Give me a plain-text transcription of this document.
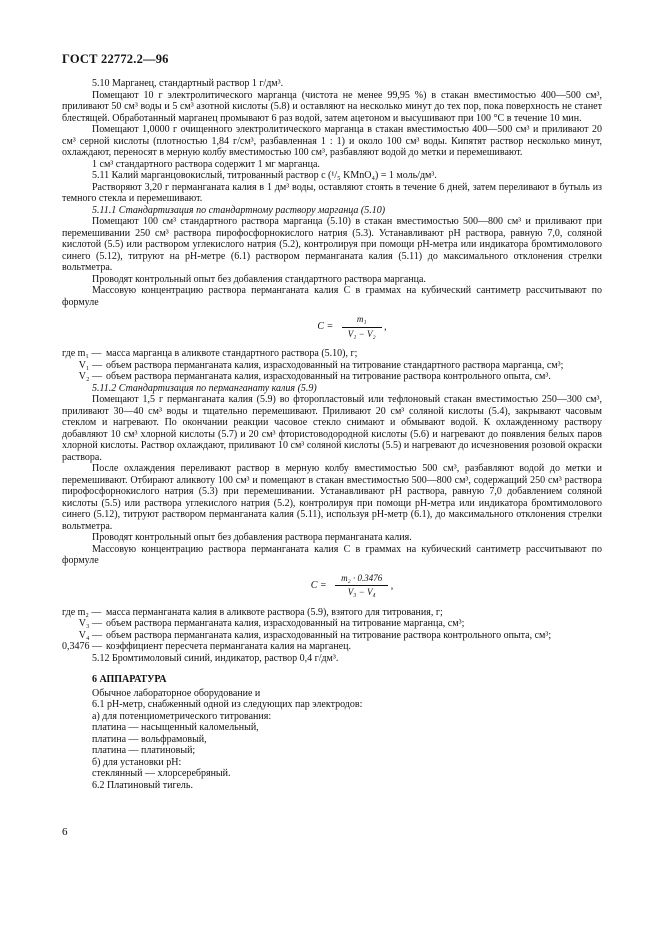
ГОСТ 22772.2—96

5.10 Марганец, стандартный раствор 1 г/дм³.

Помещают 10 г электролитического марганца (чистота не менее 99,95 %) в стакан вместимостью 400—500 см³, приливают 50 см³ воды и 5 см³ азотной кислоты (5.8) и оставляют на несколько минут до тех пор, пока поверхность не станет блестящей. Обработанный марганец промывают 6 раз водой, затем ацетоном и высушивают при 100 °С в течение 10 мин.

Помещают 1,0000 г очищенного электролитического марганца в стакан вместимостью 400—500 см³ и приливают 20 см³ серной кислоты (плотностью 1,84 г/см³, разбавленная 1 : 1) и около 100 см³ воды. Кипятят раствор несколько минут, охлаждают, переносят в мерную колбу вместимостью 100 см³, разбавляют водой до метки и перемешивают.

1 см³ стандартного раствора содержит 1 мг марганца.

5.11 Калий марганцовокислый, титрованный раствор c (¹/₅ KMnO₄) = 1 моль/дм³.

Растворяют 3,20 г перманганата калия в 1 дм³ воды, оставляют стоять в течение 6 дней, затем переливают в бутыль из темного стекла и перемешивают.

5.11.1 Стандартизация по стандартному раствору марганца (5.10)

Помещают 100 см³ стандартного раствора марганца (5.10) в стакан вместимостью 500—800 см³ и приливают при перемешивании 250 см³ раствора пирофосфорнокислого натрия (5.3). Устанавливают pH раствора, равную 7,0, соляной кислотой (5.5) или раствором углекислого натрия (5.2), контролируя при помощи pH-метра или индикатора бромтимолового синего (5.12), титруют на pH-метре (6.1) раствором перманганата калия (5.11) до максимального отклонения стрелки вольтметра.

Проводят контрольный опыт без добавления стандартного раствора марганца.

Массовую концентрацию раствора перманганата калия C в граммах на кубический сантиметр рассчитывают по формуле

$C = \frac{\text{m₁}}{\text{V₁ − V₂}}$ ,
где m₁ — масса марганца в аликвоте стандартного раствора (5.10), г;
V₁ — объем раствора перманганата калия, израсходованный на титрование стандартного раствора марганца, см³;
V₂ — объем раствора перманганата калия, израсходованный на титрование раствора контрольного опыта, см³.

5.11.2 Стандартизация по перманганату калия (5.9)

Помещают 1,5 г перманганата калия (5.9) во фторопластовый или тефлоновый стакан вместимостью 250—300 см³, приливают 30—40 см³ воды и тщательно перемешивают. Приливают 20 см³ соляной кислоты (5.4), закрывают часовым стеклом и нагревают. По окончании реакции часовое стекло снимают и обмывают водой. К охлажденному раствору добавляют 10 см³ хлорной кислоты (5.7) и 20 см³ фтористоводородной кислоты (5.6) и нагревают до появления белых паров хлорной кислоты. Раствор охлаждают, приливают 10 см³ соляной кислоты (5.5) и нагревают до исчезновения розовой окраски раствора.

После охлаждения переливают раствор в мерную колбу вместимостью 500 см³, разбавляют водой до метки и перемешивают. Отбирают аликвоту 100 см³ и помещают в стакан вместимостью 500—800 см³, содержащий 250 см³ раствора пирофосфорнокислого натрия (5.3) при перемешивании. Устанавливают pH раствора, равную 7,0 добавлением соляной кислоты (5.5) или раствора углекислого натрия (5.2), контролируя при помощи pH-метра или индикатора бромтимолового синего (5.12), титруют раствором перманганата калия (5.11), используя pH-метр (6.1), до максимального отклонения стрелки вольтметра.

Проводят контрольный опыт без добавления раствора перманганата калия.

Массовую концентрацию раствора перманганата калия C в граммах на кубический сантиметр рассчитывают по формуле

$C = \frac{\text{m₂ · 0.3476}}{\text{V₃ − V₄}}$ ,
где m₂ — масса перманганата калия в аликвоте раствора (5.9), взятого для титрования, г;
V₃ — объем раствора перманганата калия, израсходованный на титрование марганца, см³;
V₄ — объем раствора перманганата калия, израсходованный на титрование раствора контрольного опыта, см³;
0,3476 — коэффициент пересчета перманганата калия на марганец.

5.12 Бромтимоловый синий, индикатор, раствор 0,4 г/дм³.

6 АППАРАТУРА

Обычное лабораторное оборудование и

6.1 pH-метр, снабженный одной из следующих пар электродов:

а) для потенциометрического титрования:

платина — насыщенный каломельный,

платина — вольфрамовый,

платина — платиновый;

б) для установки pH:

стеклянный — хлорсеребряный.

6.2 Платиновый тигель.

6
